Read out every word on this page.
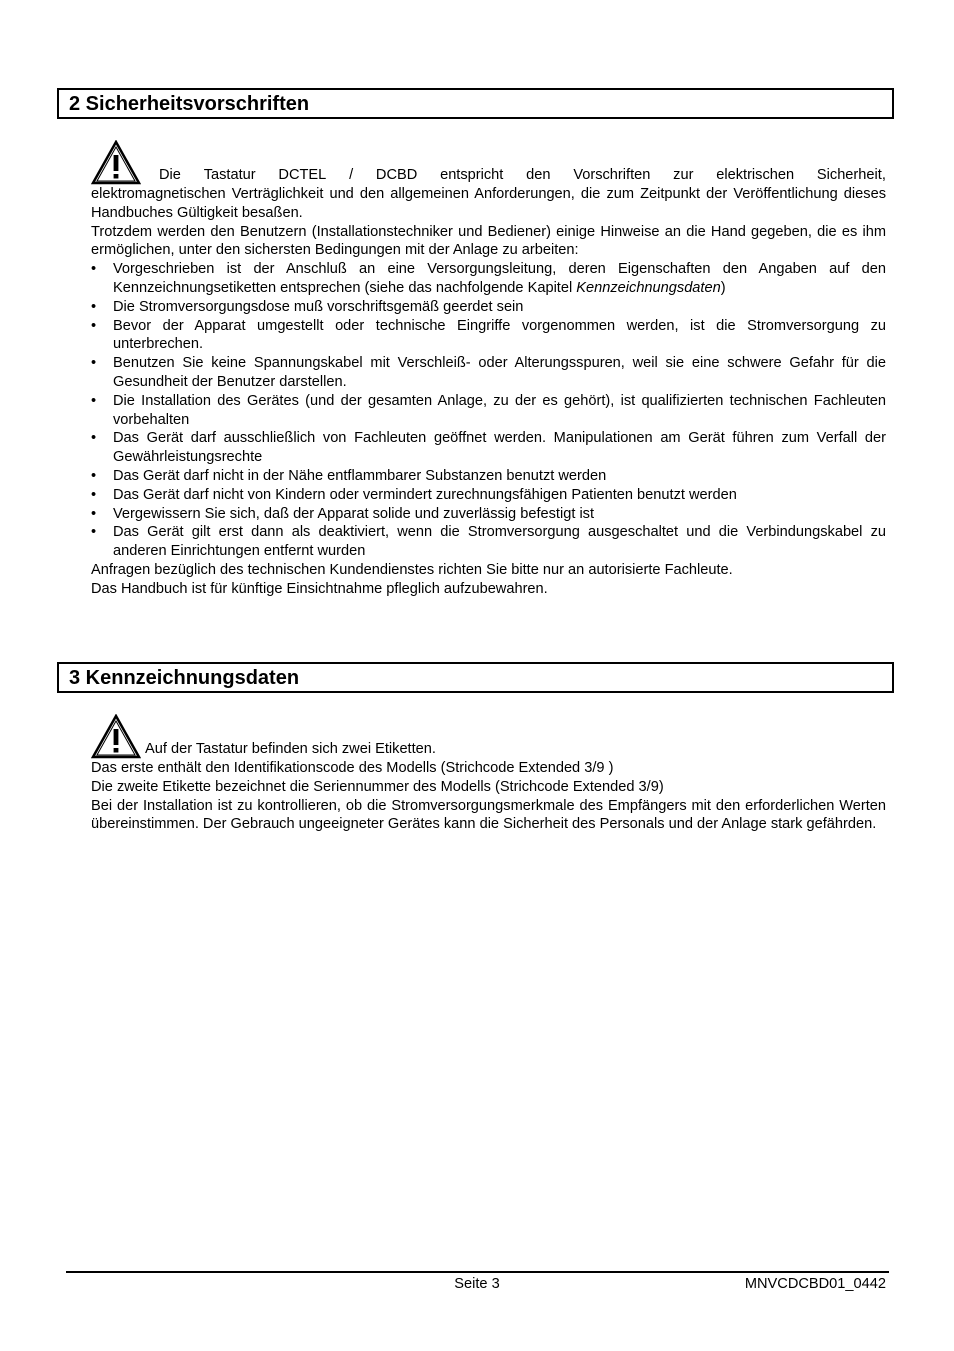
2 Sicherheitsvorschriften
Die Tastatur DCTEL / DCBD entspricht den Vorschriften zur elektrischen Sicherheit,

elektromagnetischen Verträglichkeit und den allgemeinen Anforderungen, die zum Zeitpunkt der Veröffentlichung dieses Handbuches Gültigkeit besaßen.

Trotzdem werden den Benutzern (Installationstechniker und Bediener) einige Hinweise an die Hand gegeben, die es ihm ermöglichen, unter den sichersten Bedingungen mit der Anlage zu arbeiten:

• Vorgeschrieben ist der Anschluß an eine Versorgungsleitung, deren Eigenschaften den Angaben auf den Kennzeichnungsetiketten entsprechen (siehe das nachfolgende Kapitel Kennzeichnungsdaten)
• Die Stromversorgungsdose muß vorschriftsgemäß geerdet sein
• Bevor der Apparat umgestellt oder technische Eingriffe vorgenommen werden, ist die Stromversorgung zu unterbrechen.
• Benutzen Sie keine Spannungskabel mit Verschleiß- oder Alterungsspuren, weil sie eine schwere Gefahr für die Gesundheit der Benutzer darstellen.
• Die Installation des Gerätes (und der gesamten Anlage, zu der es gehört), ist qualifizierten technischen Fachleuten vorbehalten
• Das Gerät darf ausschließlich von Fachleuten geöffnet werden. Manipulationen am Gerät führen zum Verfall der Gewährleistungsrechte
• Das Gerät darf nicht in der Nähe entflammbarer Substanzen benutzt werden
• Das Gerät darf nicht von Kindern oder vermindert zurechnungsfähigen Patienten benutzt werden
• Vergewissern Sie sich, daß der Apparat solide und zuverlässig befestigt ist
• Das Gerät gilt erst dann als deaktiviert, wenn die Stromversorgung ausgeschaltet und die Verbindungskabel zu anderen Einrichtungen entfernt wurden

Anfragen bezüglich des technischen Kundendienstes richten Sie bitte nur an autorisierte Fachleute.

Das Handbuch ist für künftige Einsichtnahme pfleglich aufzubewahren.

3 Kennzeichnungsdaten
Auf der Tastatur befinden sich zwei Etiketten.

Das erste enthält den Identifikationscode des Modells (Strichcode Extended 3/9 )

Die zweite Etikette bezeichnet die Seriennummer des Modells (Strichcode Extended 3/9)

Bei der Installation ist zu kontrollieren, ob die Stromversorgungsmerkmale des Empfängers mit den erforderlichen Werten übereinstimmen. Der Gebrauch ungeeigneter Gerätes kann die Sicherheit des Personals und der Anlage stark gefährden.

Seite 3	MNVCDCBD01_0442
